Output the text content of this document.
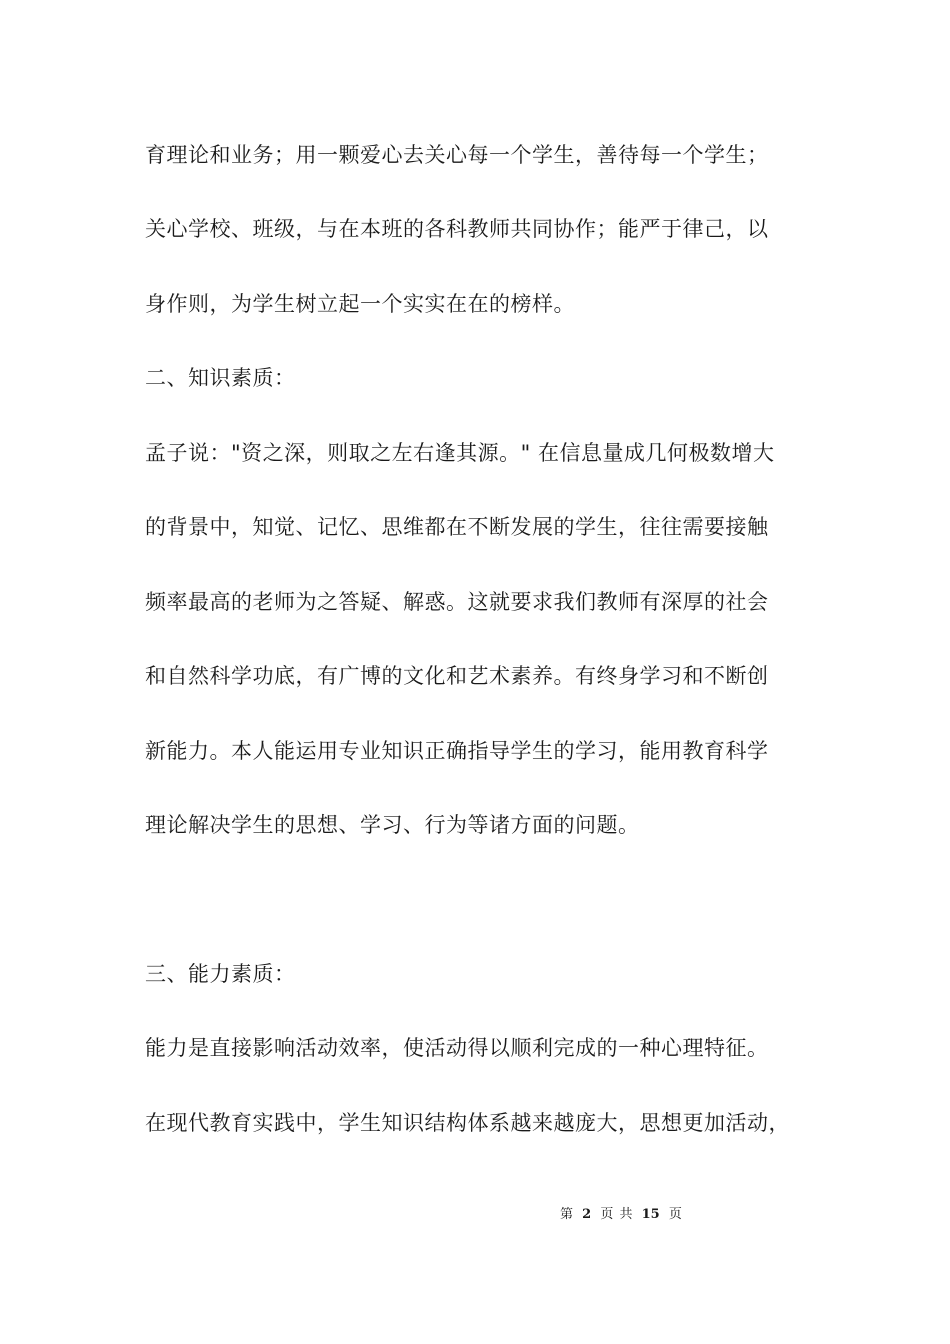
育理论和业务；用一颗爱心去关心每一个学生，善待每一个学生；
关心学校、班级，与在本班的各科教师共同协作；能严于律己，以
身作则，为学生树立起一个实实在在的榜样。
二、知识素质：
孟子说："资之深，则取之左右逢其源。" 在信息量成几何极数增大
的背景中，知觉、记忆、思维都在不断发展的学生，往往需要接触
频率最高的老师为之答疑、解惑。这就要求我们教师有深厚的社会
和自然科学功底，有广博的文化和艺术素养。有终身学习和不断创
新能力。本人能运用专业知识正确指导学生的学习，能用教育科学
理论解决学生的思想、学习、行为等诸方面的问题。
三、能力素质：
能力是直接影响活动效率，使活动得以顺利完成的一种心理特征。
在现代教育实践中，学生知识结构体系越来越庞大，思想更加活动，
第 2 页 共 15 页
